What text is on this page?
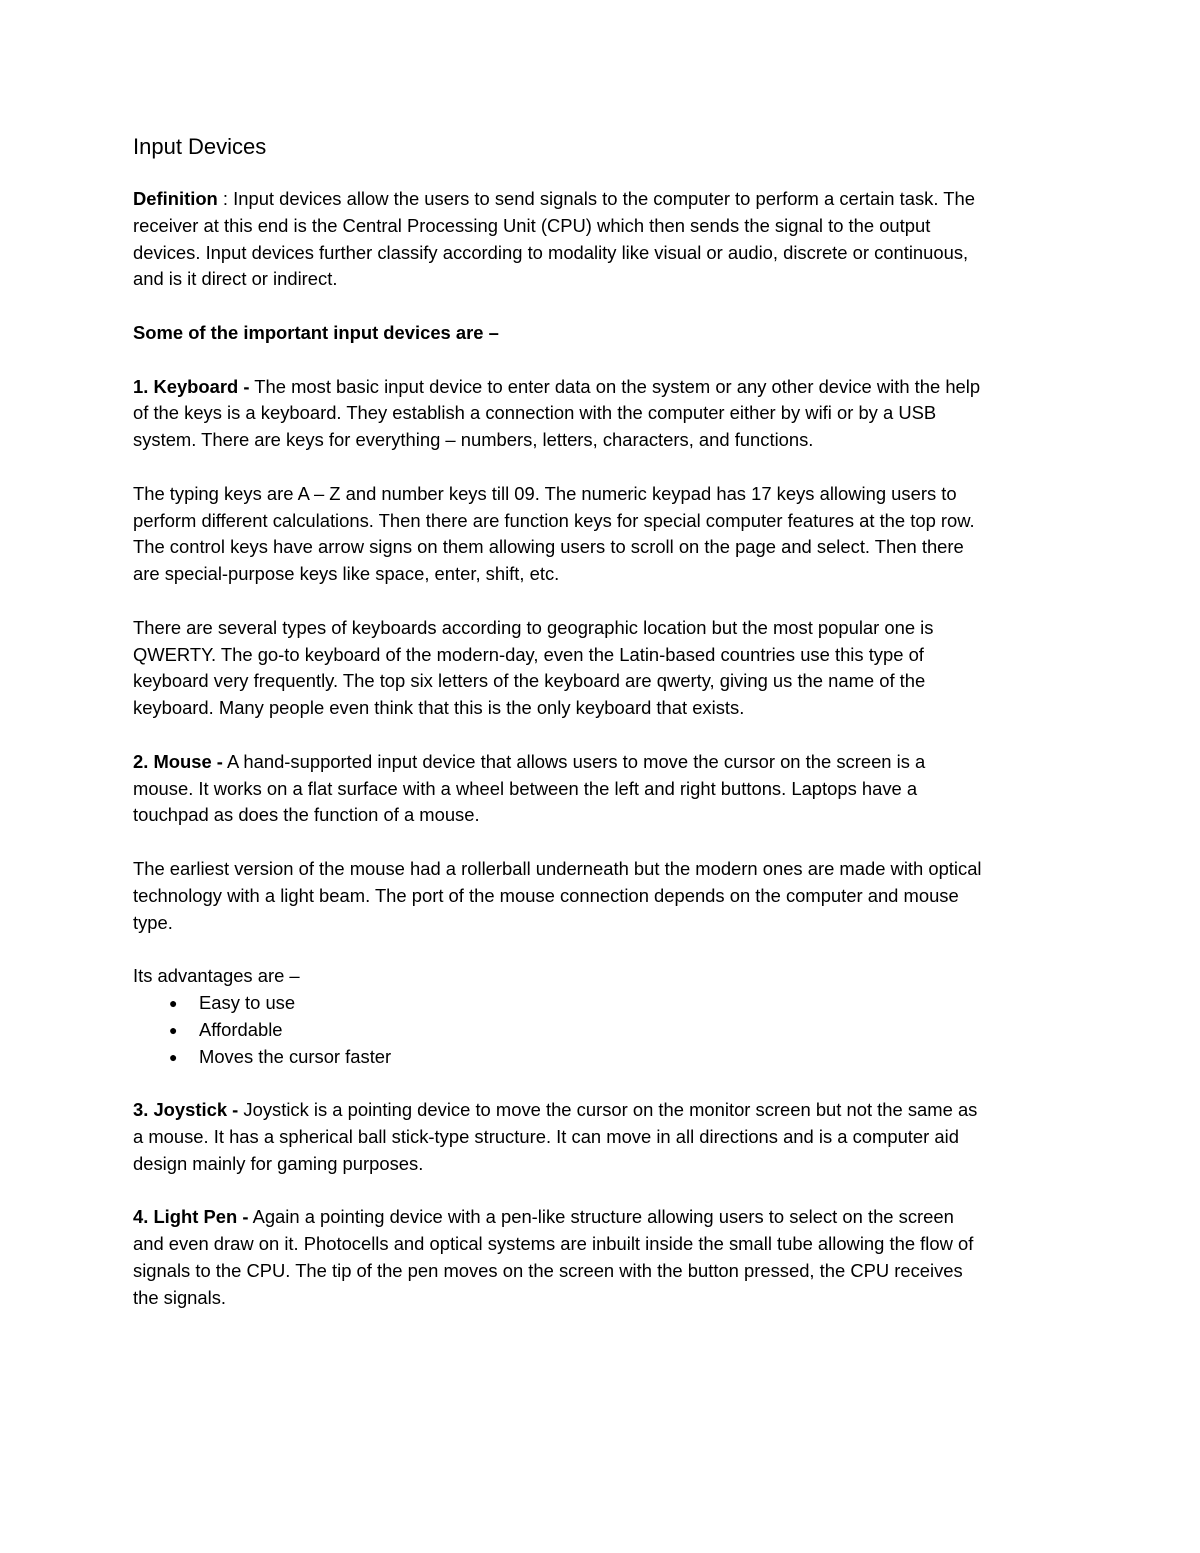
Input Devices

Definition : Input devices allow the users to send signals to the computer to perform a certain task. The receiver at this end is the Central Processing Unit (CPU) which then sends the signal to the output devices. Input devices further classify according to modality like visual or audio, discrete or continuous, and is it direct or indirect.

Some of the important input devices are –

1. Keyboard - The most basic input device to enter data on the system or any other device with the help of the keys is a keyboard. They establish a connection with the computer either by wifi or by a USB system. There are keys for everything – numbers, letters, characters, and functions.

The typing keys are A – Z and number keys till 09. The numeric keypad has 17 keys allowing users to perform different calculations. Then there are function keys for special computer features at the top row. The control keys have arrow signs on them allowing users to scroll on the page and select. Then there are special-purpose keys like space, enter, shift, etc.

There are several types of keyboards according to geographic location but the most popular one is QWERTY. The go-to keyboard of the modern-day, even the Latin-based countries use this type of keyboard very frequently. The top six letters of the keyboard are qwerty, giving us the name of the keyboard. Many people even think that this is the only keyboard that exists.

2. Mouse - A hand-supported input device that allows users to move the cursor on the screen is a mouse. It works on a flat surface with a wheel between the left and right buttons. Laptops have a touchpad as does the function of a mouse.

The earliest version of the mouse had a rollerball underneath but the modern ones are made with optical technology with a light beam. The port of the mouse connection depends on the computer and mouse type.

Its advantages are –
● Easy to use
● Affordable
● Moves the cursor faster

3. Joystick - Joystick is a pointing device to move the cursor on the monitor screen but not the same as a mouse. It has a spherical ball stick-type structure. It can move in all directions and is a computer aid design mainly for gaming purposes.

4. Light Pen - Again a pointing device with a pen-like structure allowing users to select on the screen and even draw on it. Photocells and optical systems are inbuilt inside the small tube allowing the flow of signals to the CPU. The tip of the pen moves on the screen with the button pressed, the CPU receives the signals.
